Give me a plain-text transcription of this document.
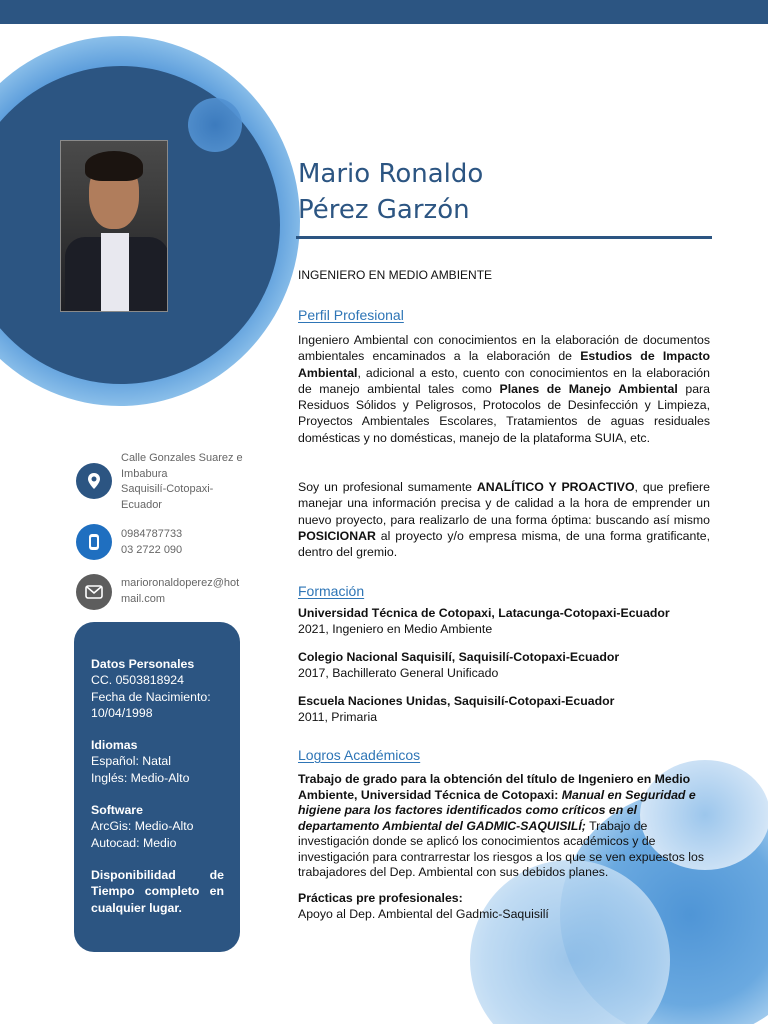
Mario Ronaldo
Pérez Garzón
INGENIERO EN MEDIO AMBIENTE
Perfil Profesional
Ingeniero Ambiental con conocimientos en la elaboración de documentos ambientales encaminados a la elaboración de Estudios de Impacto Ambiental, adicional a esto, cuento con conocimientos en la elaboración de manejo ambiental tales como Planes de Manejo Ambiental para Residuos Sólidos y Peligrosos, Protocolos de Desinfección y Limpieza, Proyectos Ambientales Escolares, Tratamientos de aguas residuales domésticas y no domésticas, manejo de la plataforma SUIA, etc.
Soy un profesional sumamente ANALÍTICO Y PROACTIVO, que prefiere manejar una información precisa y de calidad a la hora de emprender un nuevo proyecto, para realizarlo de una forma óptima: buscando así mismo POSICIONAR al proyecto y/o empresa misma, de una forma gratificante, dentro del gremio.
Formación
Universidad Técnica de Cotopaxi, Latacunga-Cotopaxi-Ecuador
2021, Ingeniero en Medio Ambiente
Colegio Nacional Saquisilí, Saquisilí-Cotopaxi-Ecuador
2017, Bachillerato General Unificado
Escuela Naciones Unidas, Saquisilí-Cotopaxi-Ecuador
2011, Primaria
Logros Académicos
Trabajo de grado para la obtención del título de Ingeniero en Medio Ambiente, Universidad Técnica de Cotopaxi: Manual en Seguridad e higiene para los factores identificados como críticos en el departamento Ambiental del GADMIC-SAQUISILÍ; Trabajo de investigación donde se aplicó los conocimientos académicos y de investigación para contrarrestar los riesgos a los que se ven expuestos los trabajadores del Dep. Ambiental con sus debidos planes.
Prácticas pre profesionales:
Apoyo al Dep. Ambiental del Gadmic-Saquisilí
Calle Gonzales Suarez e
Imbabura
Saquisilí-Cotopaxi-
Ecuador
0984787733
03 2722 090
marioronaldoperez@hot
mail.com
Datos Personales
CC. 0503818924
Fecha de Nacimiento:
10/04/1998
Idiomas
Español: Natal
Inglés: Medio-Alto
Software
ArcGis: Medio-Alto
Autocad: Medio
Disponibilidad de Tiempo completo en cualquier lugar.
